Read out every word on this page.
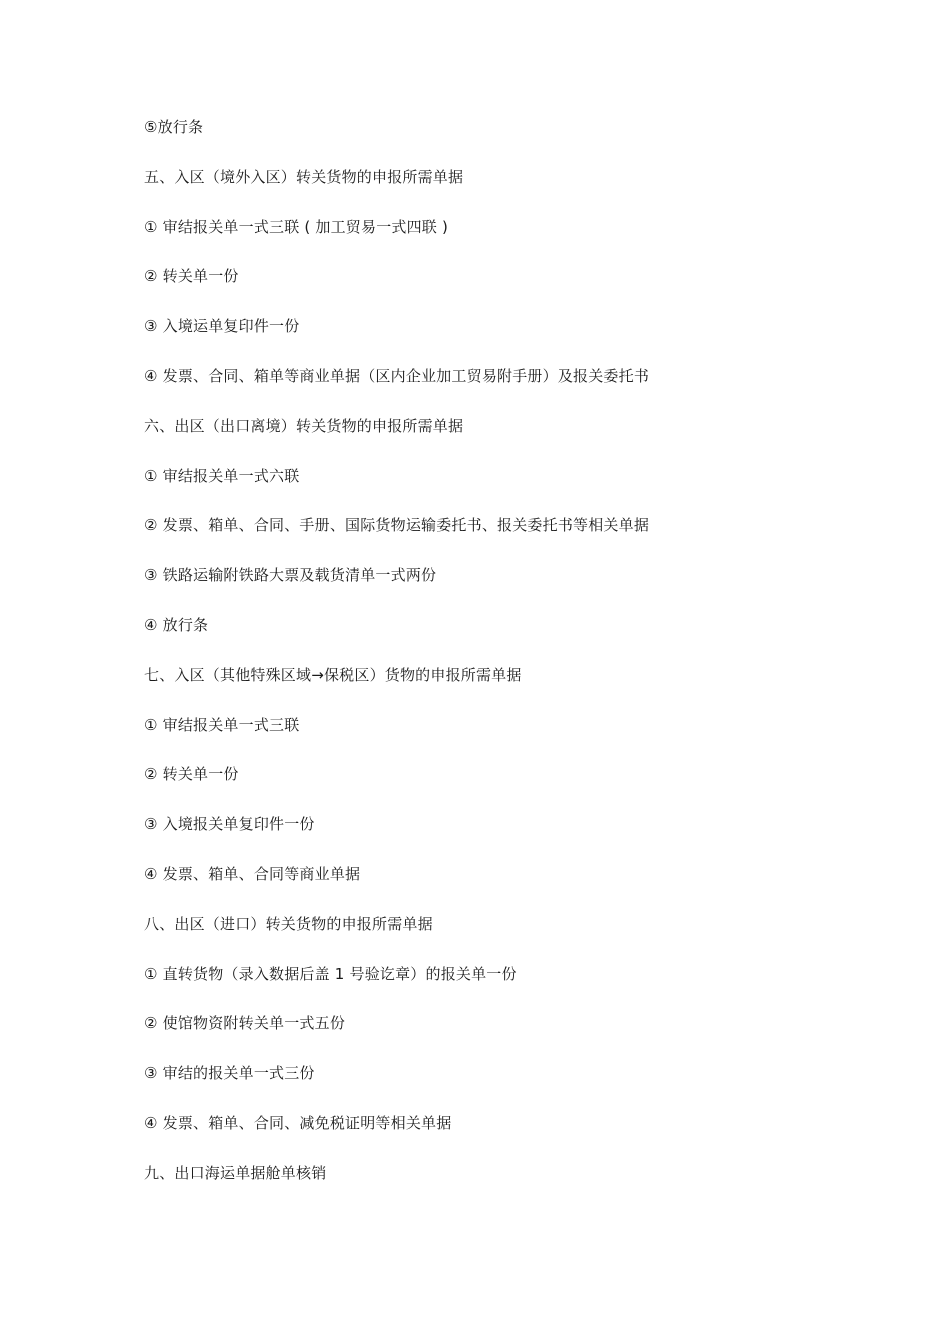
⑤放行条
五、入区（境外入区）转关货物的申报所需单据
① 审结报关单一式三联 ( 加工贸易一式四联 )
② 转关单一份
③ 入境运单复印件一份
④ 发票、合同、箱单等商业单据（区内企业加工贸易附手册）及报关委托书
六、出区（出口离境）转关货物的申报所需单据
① 审结报关单一式六联
② 发票、箱单、合同、手册、国际货物运输委托书、报关委托书等相关单据
③ 铁路运输附铁路大票及载货清单一式两份
④ 放行条
七、入区（其他特殊区域→保税区）货物的申报所需单据
① 审结报关单一式三联
② 转关单一份
③ 入境报关单复印件一份
④ 发票、箱单、合同等商业单据
八、出区（进口）转关货物的申报所需单据
① 直转货物（录入数据后盖 1 号验讫章）的报关单一份
② 使馆物资附转关单一式五份
③ 审结的报关单一式三份
④ 发票、箱单、合同、减免税证明等相关单据
九、出口海运单据舱单核销
